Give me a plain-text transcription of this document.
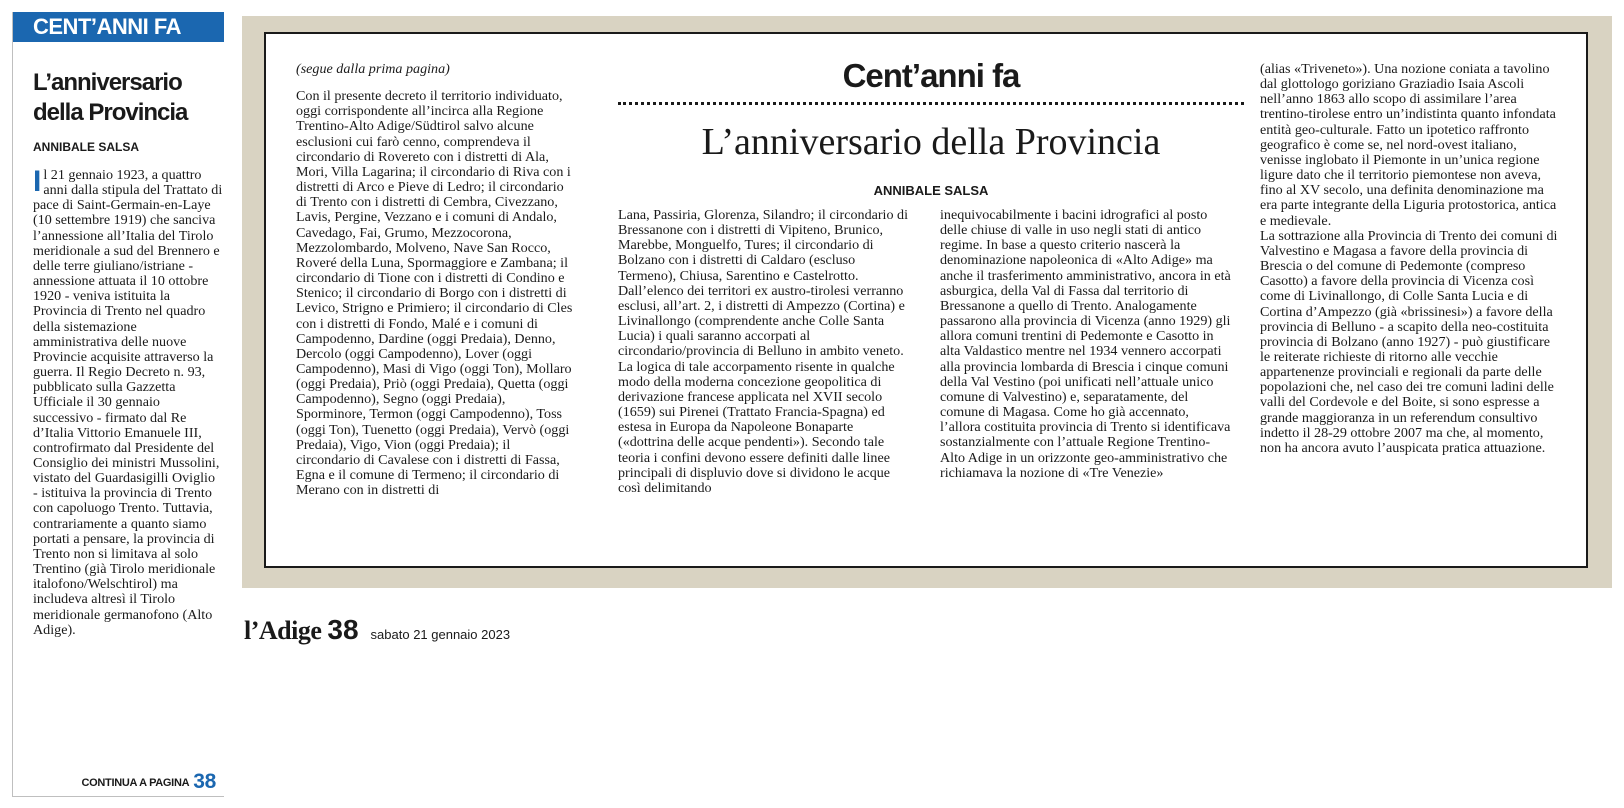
CENT’ANNI FA
L’anniversario della Provincia
ANNIBALE SALSA
Il 21 gennaio 1923, a quattro anni dalla stipula del Trattato di pace di Saint-Germain-en-Laye (10 settembre 1919) che sanciva l’annessione all’Italia del Tirolo meridionale a sud del Brennero e delle terre giuliano/istriane - annessione attuata il 10 ottobre 1920 - veniva istituita la Provincia di Trento nel quadro della sistemazione amministrativa delle nuove Provincie acquisite attraverso la guerra. Il Regio Decreto n. 93, pubblicato sulla Gazzetta Ufficiale il 30 gennaio successivo - firmato dal Re d’Italia Vittorio Emanuele III, controfirmato dal Presidente del Consiglio dei ministri Mussolini, vistato del Guardasigilli Oviglio - istituiva la provincia di Trento con capoluogo Trento. Tuttavia, contrariamente a quanto siamo portati a pensare, la provincia di Trento non si limitava al solo Trentino (già Tirolo meridionale italofono/Welschtirol) ma includeva altresì il Tirolo meridionale germanofono (Alto Adige).
CONTINUA A PAGINA 38
(segue dalla prima pagina)
Con il presente decreto il territorio individuato, oggi corrispondente all’incirca alla Regione Trentino-Alto Adige/Südtirol salvo alcune esclusioni cui farò cenno, comprendeva il circondario di Rovereto con i distretti di Ala, Mori, Villa Lagarina; il circondario di Riva con i distretti di Arco e Pieve di Ledro; il circondario di Trento con i distretti di Cembra, Civezzano, Lavis, Pergine, Vezzano e i comuni di Andalo, Cavedago, Fai, Grumo, Mezzocorona, Mezzolombardo, Molveno, Nave San Rocco, Roveré della Luna, Spormaggiore e Zambana; il circondario di Tione con i distretti di Condino e Stenico; il circondario di Borgo con i distretti di Levico, Strigno e Primiero; il circondario di Cles con i distretti di Fondo, Malé e i comuni di Campodenno, Dardine (oggi Predaia), Denno, Dercolo (oggi Campodenno), Lover (oggi Campodenno), Masi di Vigo (oggi Ton), Mollaro (oggi Predaia), Priò (oggi Predaia), Quetta (oggi Campodenno), Segno (oggi Predaia), Sporminore, Termon (oggi Campodenno), Toss (oggi Ton), Tuenetto (oggi Predaia), Vervò (oggi Predaia), Vigo, Vion (oggi Predaia); il circondario di Cavalese con i distretti di Fassa, Egna e il comune di Termeno; il circondario di Merano con in distretti di
Cent’anni fa
L’anniversario della Provincia
ANNIBALE SALSA
Lana, Passiria, Glorenza, Silandro; il circondario di Bressanone con i distretti di Vipiteno, Brunico, Marebbe, Monguelfo, Tures; il circondario di Bolzano con i distretti di Caldaro (escluso Termeno), Chiusa, Sarentino e Castelrotto. Dall’elenco dei territori ex austro-tirolesi verranno esclusi, all’art. 2, i distretti di Ampezzo (Cortina) e Livinallongo (comprendente anche Colle Santa Lucia) i quali saranno accorpati al circondario/provincia di Belluno in ambito veneto. La logica di tale accorpamento risente in qualche modo della moderna concezione geopolitica di derivazione francese applicata nel XVII secolo (1659) sui Pirenei (Trattato Francia-Spagna) ed estesa in Europa da Napoleone Bonaparte («dottrina delle acque pendenti»). Secondo tale teoria i confini devono essere definiti dalle linee principali di displuvio dove si dividono le acque così delimitando
inequivocabilmente i bacini idrografici al posto delle chiuse di valle in uso negli stati di antico regime. In base a questo criterio nascerà la denominazione napoleonica di «Alto Adige» ma anche il trasferimento amministrativo, ancora in età asburgica, della Val di Fassa dal territorio di Bressanone a quello di Trento. Analogamente passarono alla provincia di Vicenza (anno 1929) gli allora comuni trentini di Pedemonte e Casotto in alta Valdastico mentre nel 1934 vennero accorpati alla provincia lombarda di Brescia i cinque comuni della Val Vestino (poi unificati nell’attuale unico comune di Valvestino) e, separatamente, del comune di Magasa. Come ho già accennato, l’allora costituita provincia di Trento si identificava sostanzialmente con l’attuale Regione Trentino-Alto Adige in un orizzonte geo-amministrativo che richiamava la nozione di «Tre Venezie»
(alias «Triveneto»). Una nozione coniata a tavolino dal glottologo goriziano Graziadio Isaia Ascoli nell’anno 1863 allo scopo di assimilare l’area trentino-tirolese entro un’indistinta quanto infondata entità geo-culturale. Fatto un ipotetico raffronto geografico è come se, nel nord-ovest italiano, venisse inglobato il Piemonte in un’unica regione ligure dato che il territorio piemontese non aveva, fino al XV secolo, una definita denominazione ma era parte integrante della Liguria protostorica, antica e medievale.
La sottrazione alla Provincia di Trento dei comuni di Valvestino e Magasa a favore della provincia di Brescia o del comune di Pedemonte (compreso Casotto) a favore della provincia di Vicenza così come di Livinallongo, di Colle Santa Lucia e di Cortina d’Ampezzo (già «brissinesi») a favore della provincia di Belluno - a scapito della neo-costituita provincia di Bolzano (anno 1927) - può giustificare le reiterate richieste di ritorno alle vecchie appartenenze provinciali e regionali da parte delle popolazioni che, nel caso dei tre comuni ladini delle valli del Cordevole e del Boite, si sono espresse a grande maggioranza in un referendum consultivo indetto il 28-29 ottobre 2007 ma che, al momento, non ha ancora avuto l’auspicata pratica attuazione.
l’Adige 38 sabato 21 gennaio 2023
